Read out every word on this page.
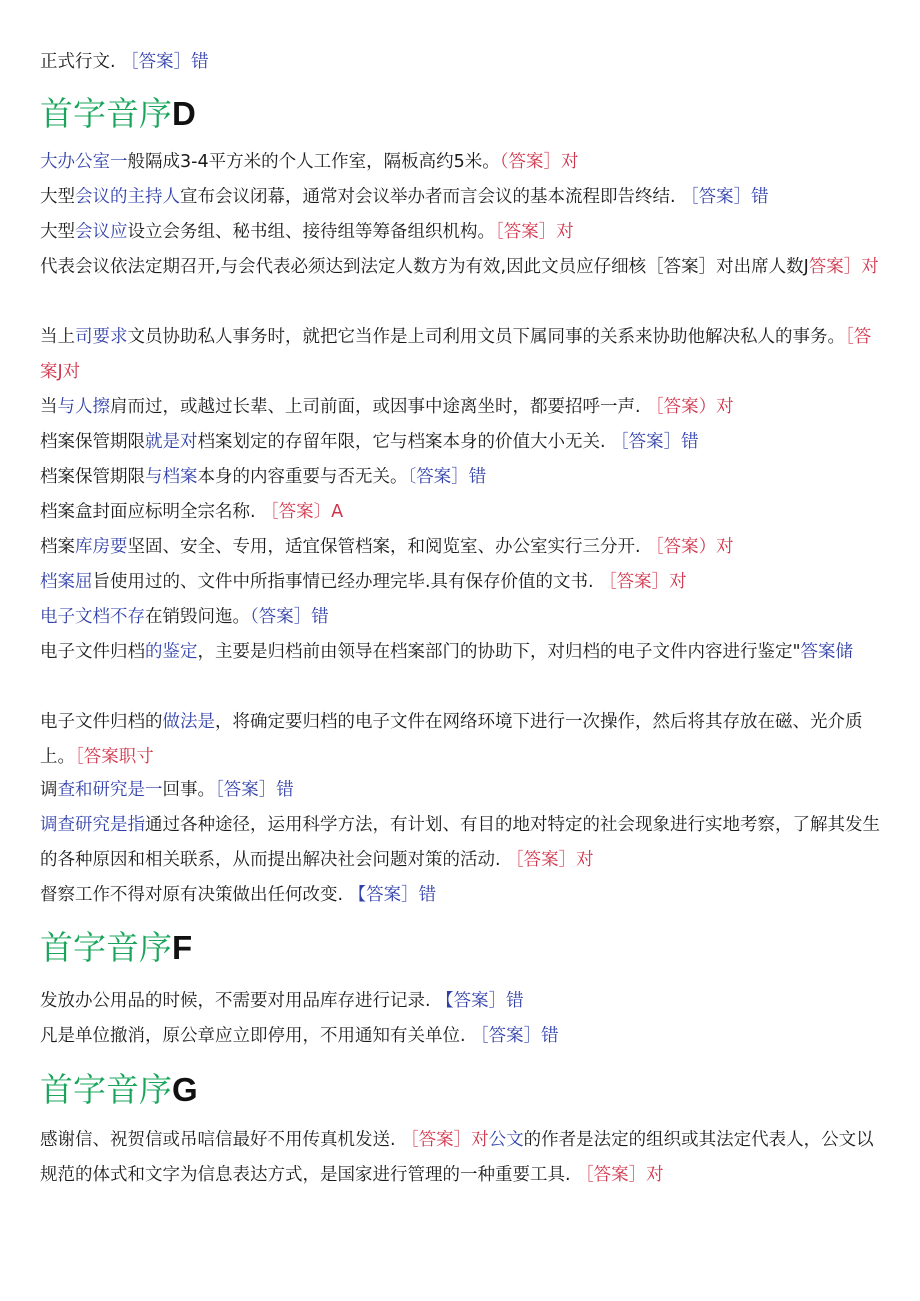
正式行文. ［答案］错
首字音序D
大办公室一般隔成3-4平方米的个人工作室，隔板高约5米。（答案］对
大型会议的主持人宣布会议闭幕，通常对会议举办者而言会议的基本流程即告终结. ［答案］错
大型会议应设立会务组、秘书组、接待组等筹备组织机构。［答案］对
代表会议依法定期召开,与会代表必须达到法定人数方为有效,因此文员应仔细核［答案］对出席人数J答案］对
当上司要求文员协助私人事务时，就把它当作是上司利用文员下属同事的关系来协助他解决私人的事务。［答案J对
当与人擦肩而过，或越过长辈、上司前面，或因事中途离坐时，都要招呼一声. ［答案）对
档案保管期限就是对档案划定的存留年限，它与档案本身的价值大小无关. ［答案］错
档案保管期限与档案本身的内容重要与否无关。〔答案］错
档案盒封面应标明全宗名称. ［答案〕A
档案库房要坚固、安全、专用，适宜保管档案，和阅览室、办公室实行三分开. ［答案）对
档案屈旨使用过的、文件中所指事情已经办理完毕.具有保存价值的文书. ［答案］对
电子文档不存在销毁问迤。（答案］错
电子文件归档的鉴定，主要是归档前由领导在档案部门的协助下，对归档的电子文件内容进行鉴定"答案储
电子文件归档的做法是，将确定要归档的电子文件在网络环境下进行一次操作，然后将其存放在磁、光介质上。［答案职寸
调查和研究是一回事。［答案］错
调查研究是指通过各种途径，运用科学方法，有计划、有目的地对特定的社会现象进行实地考察，了解其发生的各种原因和相关联系，从而提出解决社会问题对策的活动. ［答案］对
督察工作不得对原有决策做出任何改变. 【答案］错
首字音序F
发放办公用品的时候，不需要对用品库存进行记录. 【答案］错
凡是单位撤消，原公章应立即停用，不用通知有关单位. ［答案］错
首字音序G
感谢信、祝贺信或吊唁信最好不用传真机发送. ［答案］对公文的作者是法定的组织或其法定代表人，公文以规范的体式和文字为信息表达方式，是国家进行管理的一种重要工具. ［答案］对
